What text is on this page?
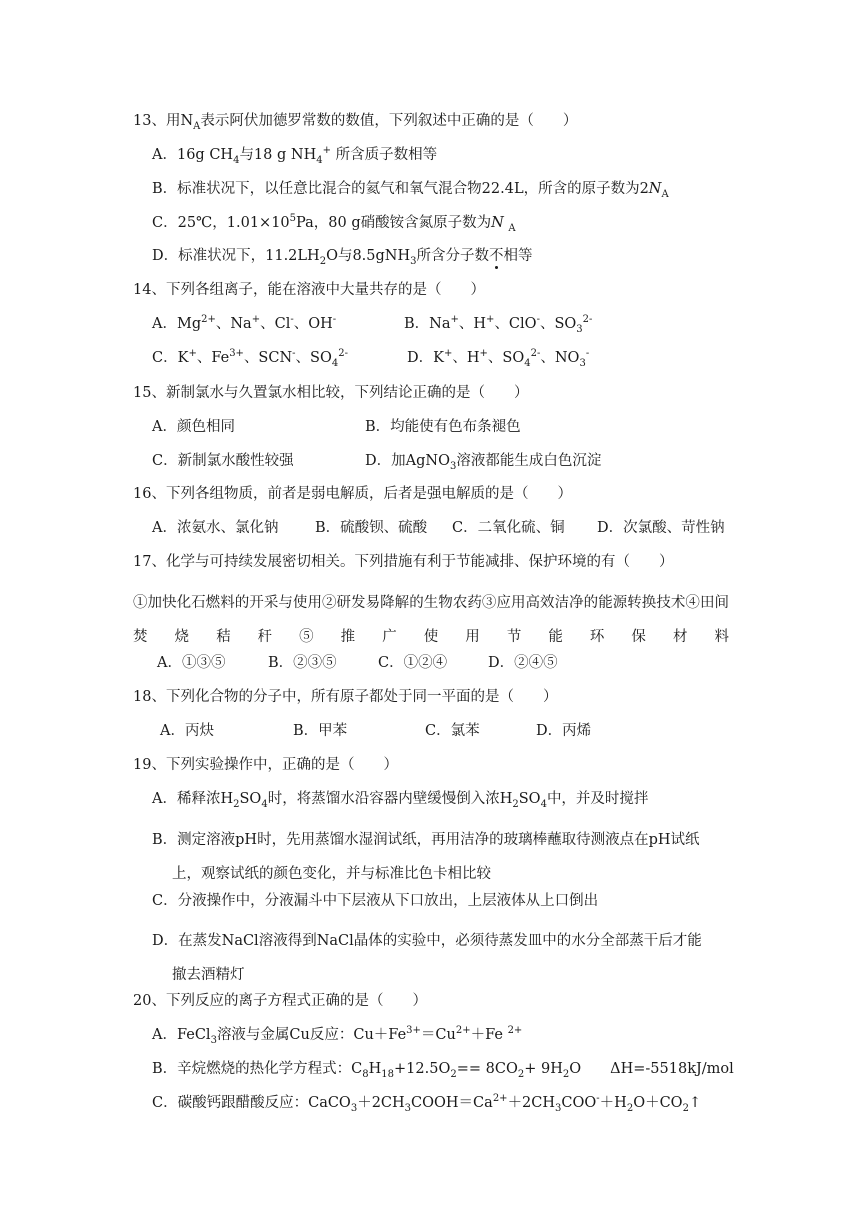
13、用$N_A$表示阿伏加德罗常数的数值，下列叙述中正确的是（　　）
A．16g $CH_4$与18 g $NH_4^+$ 所含质子数相等
B．标准状况下，以任意比混合的氦气和氧气混合物22.4L，所含的原子数为$2N_A$
C．25℃，$1.01\times 10^5Pa$，80 g硝酸铵含氮原子数为N $_A$
D．标准状况下，$11.2LH_2O$与8.5gNH$_3$所含分子数不相等
14、下列各组离子，能在溶液中大量共存的是（　　）
A．$Mg^{2+}$、Na+、Cl-、OH-	B．Na+、H+、ClO-、$SO_3^{2-}$
C．K+、$Fe^{3+}$、SCN-、$SO_4^{2-}$	D．K+、H+、$SO_4^{2-}$、$NO_3^-$
15、新制氯水与久置氯水相比较，下列结论正确的是（　　）
A．颜色相同	B．均能使有色布条褪色
C．新制氯水酸性较强	D．加AgNO$_3$溶液都能生成白色沉淀
16、下列各组物质，前者是弱电解质，后者是强电解质的是（　　）
A．浓氨水、氯化钠	B．硫酸钡、硫酸 C．二氧化硫、铜 D．次氯酸、苛性钠
17、化学与可持续发展密切相关。下列措施有利于节能减排、保护环境的有（　　）
①加快化石燃料的开采与使用②研发易降解的生物农药③应用高效洁净的能源转换技术④田间焚烧秸秆⑤推广使用节能环保材料
A．①③⑤	B．②③⑤	C．①②④	D．②④⑤
18、下列化合物的分子中，所有原子都处于同一平面的是（　　）
A．丙炔	B．甲苯	C．氯苯	D．丙烯
19、下列实验操作中，正确的是（　　）
A．稀释浓$H_2SO_4$时，将蒸馏水沿容器内壁缓慢倒入浓$H_2SO_4$中，并及时搅拌
B．测定溶液pH时，先用蒸馏水湿润试纸，再用洁净的玻璃棒蘸取待测液点在pH试纸
上，观察试纸的颜色变化，并与标准比色卡相比较
C．分液操作中，分液漏斗中下层液从下口放出，上层液体从上口倒出
D．在蒸发NaCl溶液得到NaCl晶体的实验中，必须待蒸发皿中的水分全部蒸干后才能
撤去酒精灯
20、下列反应的离子方程式正确的是（　　）
A．FeCl$_3$溶液与金属Cu反应：$Cu+Fe^{3+}=Cu^{2+}+Fe$ $^{2+}$
B．辛烷燃烧的热化学方程式：$C_8H_{18}+12.5O_2== 8CO_2+ 9H_2O$　　ΔH=-5518kJ/mol
C．碳酸钙跟醋酸反应：$CaCO_3+2CH_3COOH=Ca^{2+}+2CH_3COO^-+H_2O+CO_2↑$
